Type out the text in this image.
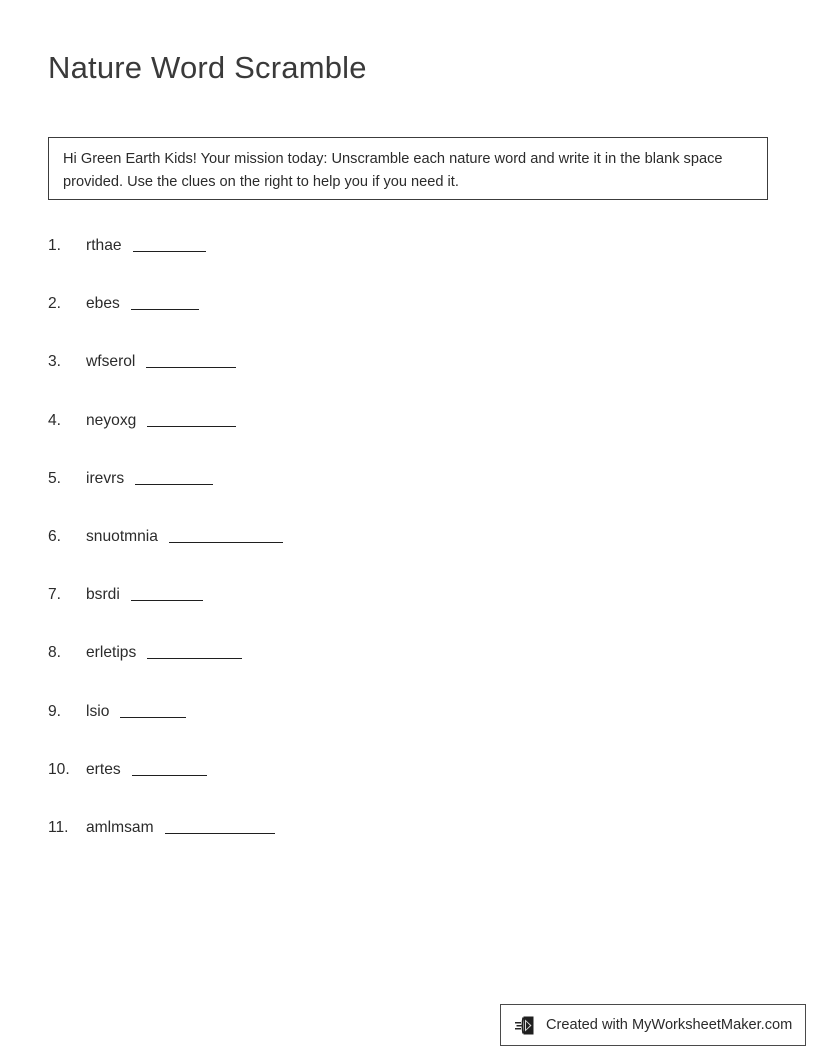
Nature Word Scramble
Hi Green Earth Kids! Your mission today: Unscramble each nature word and write it in the blank space provided. Use the clues on the right to help you if you need it.
1.	rthae
2.	ebes
3.	wfserol
4.	neyoxg
5.	irevrs
6.	snuotmnia
7.	bsrdi
8.	erletips
9.	lsio
10.	ertes
11.	amlmsam
Created with MyWorksheetMaker.com
